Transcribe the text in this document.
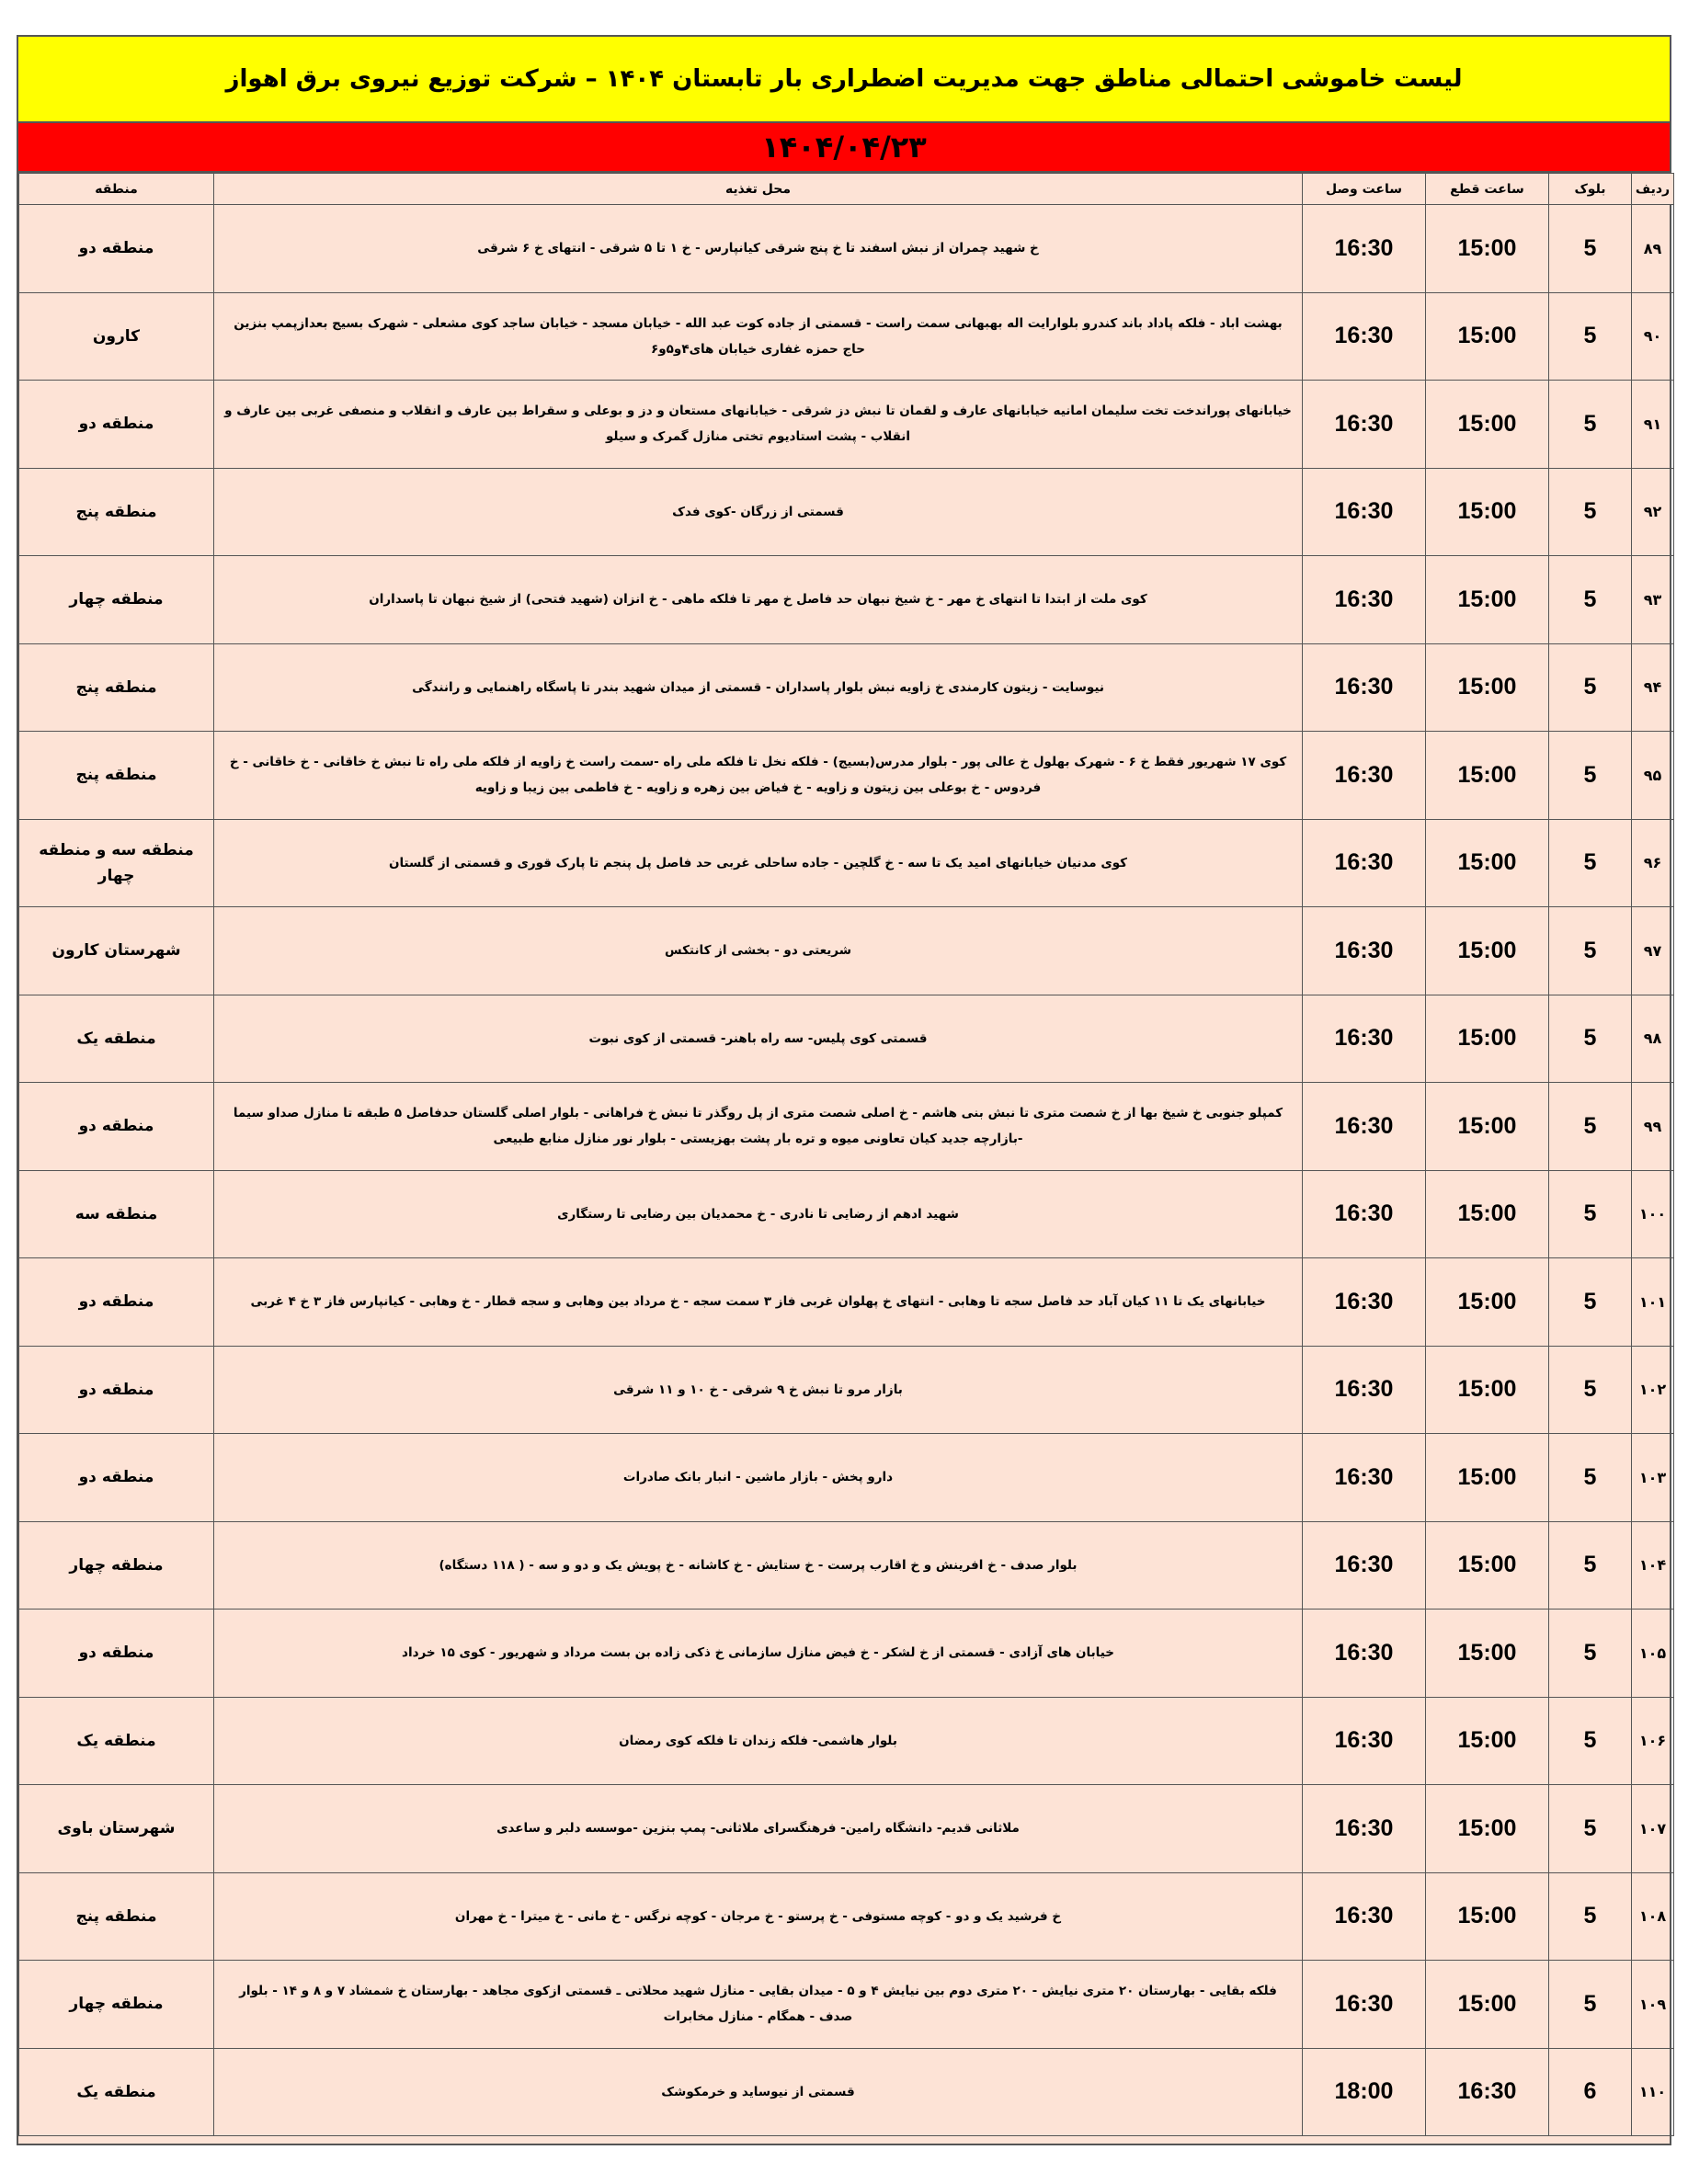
لیست خاموشی احتمالی مناطق جهت مدیریت اضطراری بار تابستان ۱۴۰۴ – شرکت توزیع نیروی برق اهواز
۱۴۰۴/۰۴/۲۳
ردیف	بلوک	ساعت قطع	ساعت وصل	محل تغذیه	منطقه
۸۹	5	15:00	16:30	خ شهید چمران از نبش اسفند تا خ پنج شرقی کیانپارس - خ ۱ تا ۵ شرقی - انتهای خ ۶ شرقی	منطقه دو
۹۰	5	15:00	16:30	بهشت اباد - فلکه پاداد باند کندرو بلوارایت اله بهبهانی سمت راست - قسمتی از جاده کوت عبد الله - خیابان مسجد - خیابان ساجد کوی مشعلی - شهرک بسیج بعدازپمپ بنزین حاج حمزه غفاری خیابان های۴و۵و۶	کارون
۹۱	5	15:00	16:30	خیابانهای پوراندخت تخت سلیمان امانیه خیابانهای عارف و لقمان تا نبش دز شرقی - خیابانهای مستعان و دز و بوعلی و سقراط بین عارف و انقلاب و منصفی غربی بین عارف و انقلاب - پشت استادیوم تختی منازل گمرک و سیلو	منطقه دو
۹۲	5	15:00	16:30	قسمتی از زرگان -کوی فدک	منطقه پنج
۹۳	5	15:00	16:30	کوی ملت از ابتدا تا انتهای خ مهر - خ شیخ نبهان حد فاصل خ مهر تا فلکه ماهی - خ انزان (شهید فتحی) از شیخ نبهان تا پاسداران	منطقه چهار
۹۴	5	15:00	16:30	نیوسایت - زیتون کارمندی خ زاویه نبش بلوار پاسداران - قسمتی از میدان شهید بندر تا پاسگاه راهنمایی و رانندگی	منطقه پنج
۹۵	5	15:00	16:30	کوی ۱۷ شهریور فقط خ ۶ - شهرک بهلول خ عالی پور - بلوار مدرس(بسیج) - فلکه نخل تا فلکه ملی راه -سمت راست خ زاویه از فلکه ملی راه تا نبش خ خاقانی - خ خاقانی - خ فردوس - خ بوعلی بین زیتون و زاویه - خ فیاض بین زهره و زاویه - خ فاطمی بین زیبا و زاویه	منطقه پنج
۹۶	5	15:00	16:30	کوی مدنیان خیابانهای امید یک تا سه - خ گلچین - جاده ساحلی غربی حد فاصل پل پنجم تا پارک قوری و قسمتی از گلستان	منطقه سه و منطقه چهار
۹۷	5	15:00	16:30	شریعتی دو - بخشی از کانتکس	شهرستان کارون
۹۸	5	15:00	16:30	قسمتی کوی پلیس- سه راه باهنر- قسمتی از کوی نبوت	منطقه یک
۹۹	5	15:00	16:30	کمپلو جنوبی خ شیخ بها از خ شصت متری تا نبش بنی هاشم - خ اصلی شصت متری از پل روگذر تا نبش خ فراهانی - بلوار اصلی گلستان حدفاصل ۵ طبقه تا منازل صداو سیما -بازارچه جدید کیان تعاونی میوه و تره بار پشت بهزیستی - بلوار نور منازل منابع طبیعی	منطقه دو
۱۰۰	5	15:00	16:30	شهید ادهم از رضایی تا نادری - خ محمدیان بین رضایی تا رستگاری	منطقه سه
۱۰۱	5	15:00	16:30	خیابانهای یک تا ۱۱ کیان آباد حد فاصل سجه تا وهابی - انتهای خ پهلوان غربی فاز ۳ سمت سجه - خ مرداد بین وهابی و سجه قطار - خ وهابی - کیانپارس فاز ۳ خ ۴ غربی	منطقه دو
۱۰۲	5	15:00	16:30	بازار مرو تا نبش خ ۹ شرقی - خ ۱۰ و ۱۱ شرقی	منطقه دو
۱۰۳	5	15:00	16:30	دارو پخش - بازار ماشین - انبار بانک صادرات	منطقه دو
۱۰۴	5	15:00	16:30	بلوار صدف - خ افرینش و خ اقارب پرست - خ ستایش - خ کاشانه - خ پویش یک و دو و سه - ( ۱۱۸ دستگاه)	منطقه چهار
۱۰۵	5	15:00	16:30	خیابان های آزادی - قسمتی از خ لشکر - خ فیض منازل سازمانی خ ذکی زاده بن بست مرداد و شهریور - کوی ۱۵ خرداد	منطقه دو
۱۰۶	5	15:00	16:30	بلوار هاشمی- فلکه زندان تا فلکه کوی رمضان	منطقه یک
۱۰۷	5	15:00	16:30	ملاثانی قدیم- دانشگاه رامین- فرهنگسرای ملاثانی- پمپ بنزین -موسسه دلبر و ساعدی	شهرستان باوی
۱۰۸	5	15:00	16:30	خ فرشید یک و دو - کوچه مستوفی - خ پرستو - خ مرجان - کوچه نرگس - خ مانی - خ میترا - خ مهران	منطقه پنج
۱۰۹	5	15:00	16:30	فلکه بقایی - بهارستان ۲۰ متری نیایش - ۲۰ متری دوم بین نیایش ۴ و ۵ - میدان بقایی - منازل شهید محلاتی ـ قسمتی ازکوی مجاهد - بهارستان خ شمشاد ۷ و ۸ و ۱۴ - بلوار صدف - همگام - منازل مخابرات	منطقه چهار
۱۱۰	6	16:30	18:00	قسمتی از نیوساید و خرمکوشک	منطقه یک
